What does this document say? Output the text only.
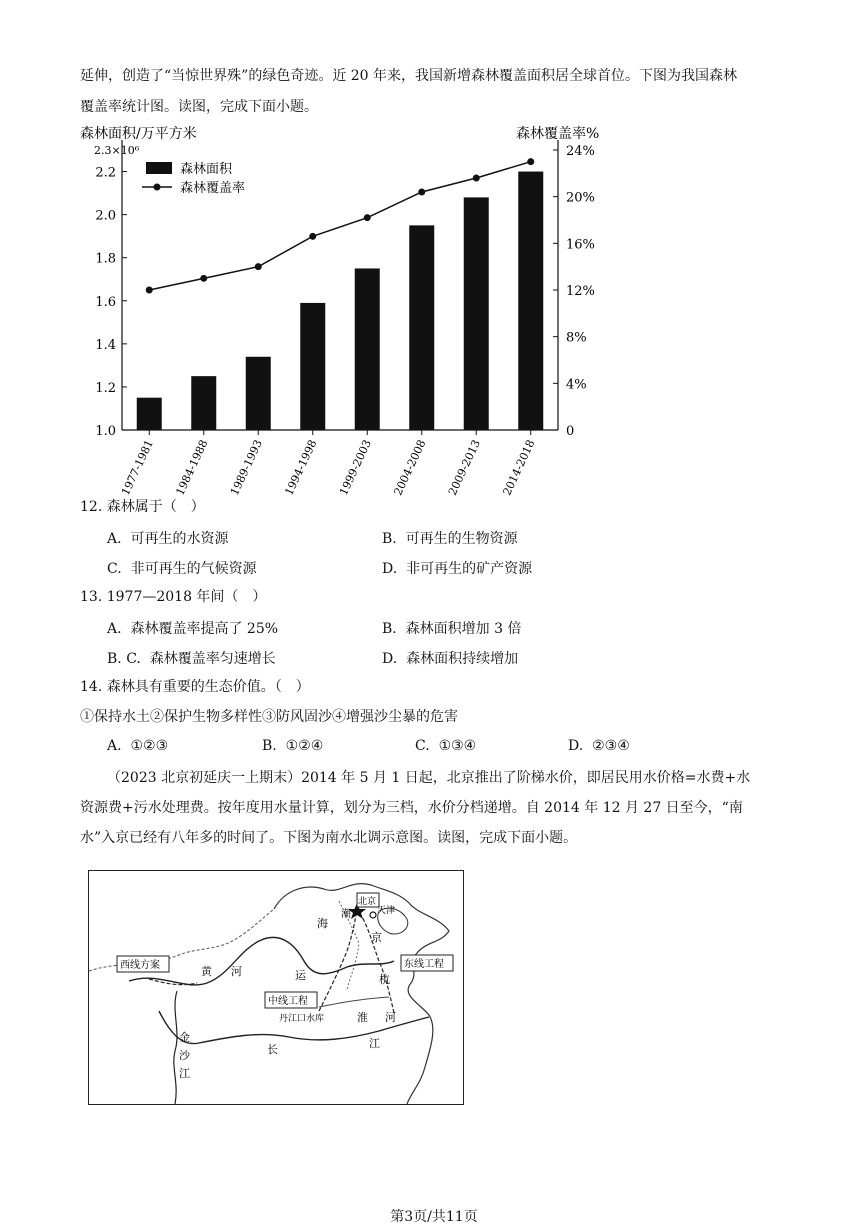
延伸，创造了“当惊世界殊”的绿色奇迹。近 20 年来，我国新增森林覆盖面积居全球首位。下图为我国森林
覆盖率统计图。读图，完成下面小题。
森林面积/万平方米	森林覆盖率%
2.3×10⁶
1.0
1.2
1.4
1.6
1.8
2.0
2.2
0
4%
8%
12%
16%
20%
24%
1977-1981 1984-1988 1989-1993 1994-1998 1999-2003 2004-2008 2009-2013 2014-2018
森林面积
森林覆盖率
12. 森林属于（　）
A. 可再生的水资源	B. 可再生的生物资源
C. 非可再生的气候资源	D. 非可再生的矿产资源
13. 1977—2018 年间（　）
A. 森林覆盖率提高了 25%	B. 森林面积增加 3 倍
B. C. 森林覆盖率匀速增长	D. 森林面积持续增加
14. 森林具有重要的生态价值。（　）
①保持水土②保护生物多样性③防风固沙④增强沙尘暴的危害
A. ①②③	B. ①②④	C. ①③④	D. ②③④
（2023 北京初延庆一上期末）2014 年 5 月 1 日起，北京推出了阶梯水价，即居民用水价格=水费+水
资源费+污水处理费。按年度用水量计算，划分为三档，水价分档递增。自 2014 年 12 月 27 日至今，“南
水”入京已经有八年多的时间了。下图为南水北调示意图。读图，完成下面小题。
西线方案
中线工程
东线工程
丹江口水库
北京
天津
黄 河
金
沙
江
长	江
淮 河
海
京
杭
运
潮
第3页/共11页
